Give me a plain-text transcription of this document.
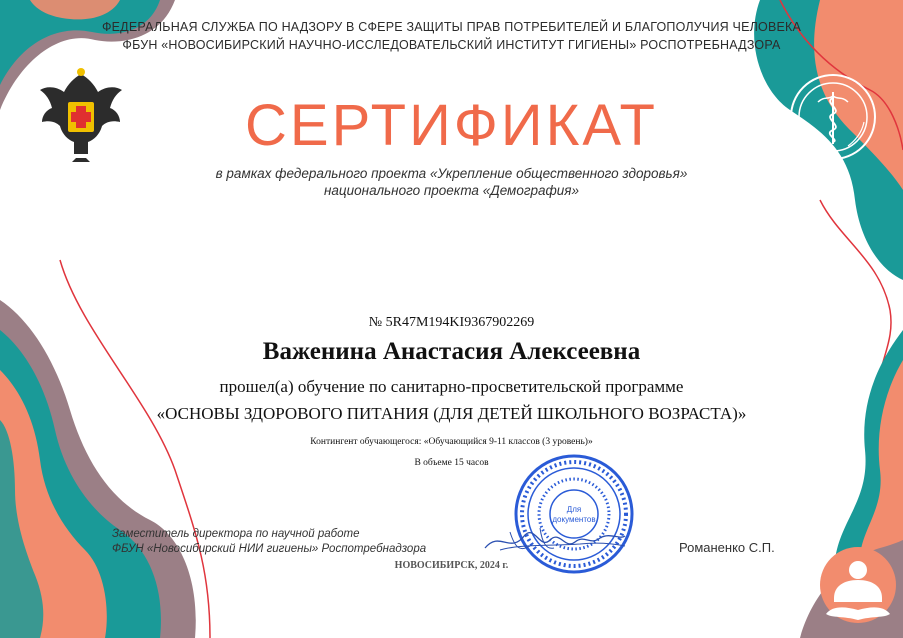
ФЕДЕРАЛЬНАЯ СЛУЖБА ПО НАДЗОРУ В СФЕРЕ ЗАЩИТЫ ПРАВ ПОТРЕБИТЕЛЕЙ И БЛАГОПОЛУЧИЯ ЧЕЛОВЕКА
ФБУН «НОВОСИБИРСКИЙ НАУЧНО-ИССЛЕДОВАТЕЛЬСКИЙ ИНСТИТУТ ГИГИЕНЫ» РОСПОТРЕБНАДЗОРА
СЕРТИФИКАТ
в рамках федерального проекта «Укрепление общественного здоровья»
национального проекта «Демография»
№ 5R47M194KI9367902269
Важенина Анастасия Алексеевна
прошел(а) обучение по санитарно-просветительской программе
«ОСНОВЫ ЗДОРОВОГО ПИТАНИЯ (ДЛЯ ДЕТЕЙ ШКОЛЬНОГО ВОЗРАСТА)»
Контингент обучающегося: «Обучающийся 9-11 классов (3 уровень)»
В объеме 15 часов
Для
документов
Заместитель директора по научной работе
ФБУН «Новосибирский НИИ гигиены» Роспотребнадзора	Романенко С.П.
НОВОСИБИРСК, 2024 г.
